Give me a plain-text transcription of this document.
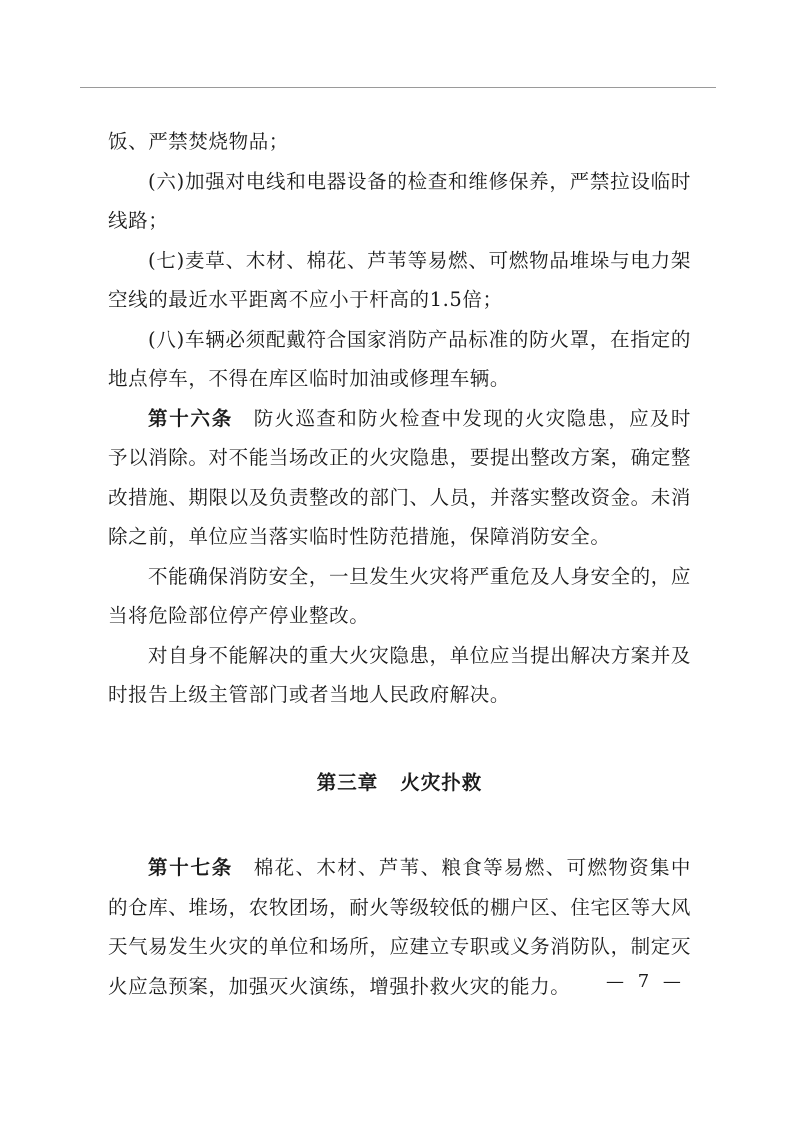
饭、严禁焚烧物品；

(六)加强对电线和电器设备的检查和维修保养，严禁拉设临时线路；

(七)麦草、木材、棉花、芦苇等易燃、可燃物品堆垛与电力架空线的最近水平距离不应小于杆高的1.5倍；

(八)车辆必须配戴符合国家消防产品标准的防火罩，在指定的地点停车，不得在库区临时加油或修理车辆。

第十六条 防火巡查和防火检查中发现的火灾隐患，应及时予以消除。对不能当场改正的火灾隐患，要提出整改方案，确定整改措施、期限以及负责整改的部门、人员，并落实整改资金。未消除之前，单位应当落实临时性防范措施，保障消防安全。

不能确保消防安全，一旦发生火灾将严重危及人身安全的，应当将危险部位停产停业整改。

对自身不能解决的重大火灾隐患，单位应当提出解决方案并及时报告上级主管部门或者当地人民政府解决。

第三章 火灾扑救

第十七条 棉花、木材、芦苇、粮食等易燃、可燃物资集中的仓库、堆场，农牧团场，耐火等级较低的棚户区、住宅区等大风天气易发生火灾的单位和场所，应建立专职或义务消防队，制定灭火应急预案，加强灭火演练，增强扑救火灾的能力。	— 7 —
